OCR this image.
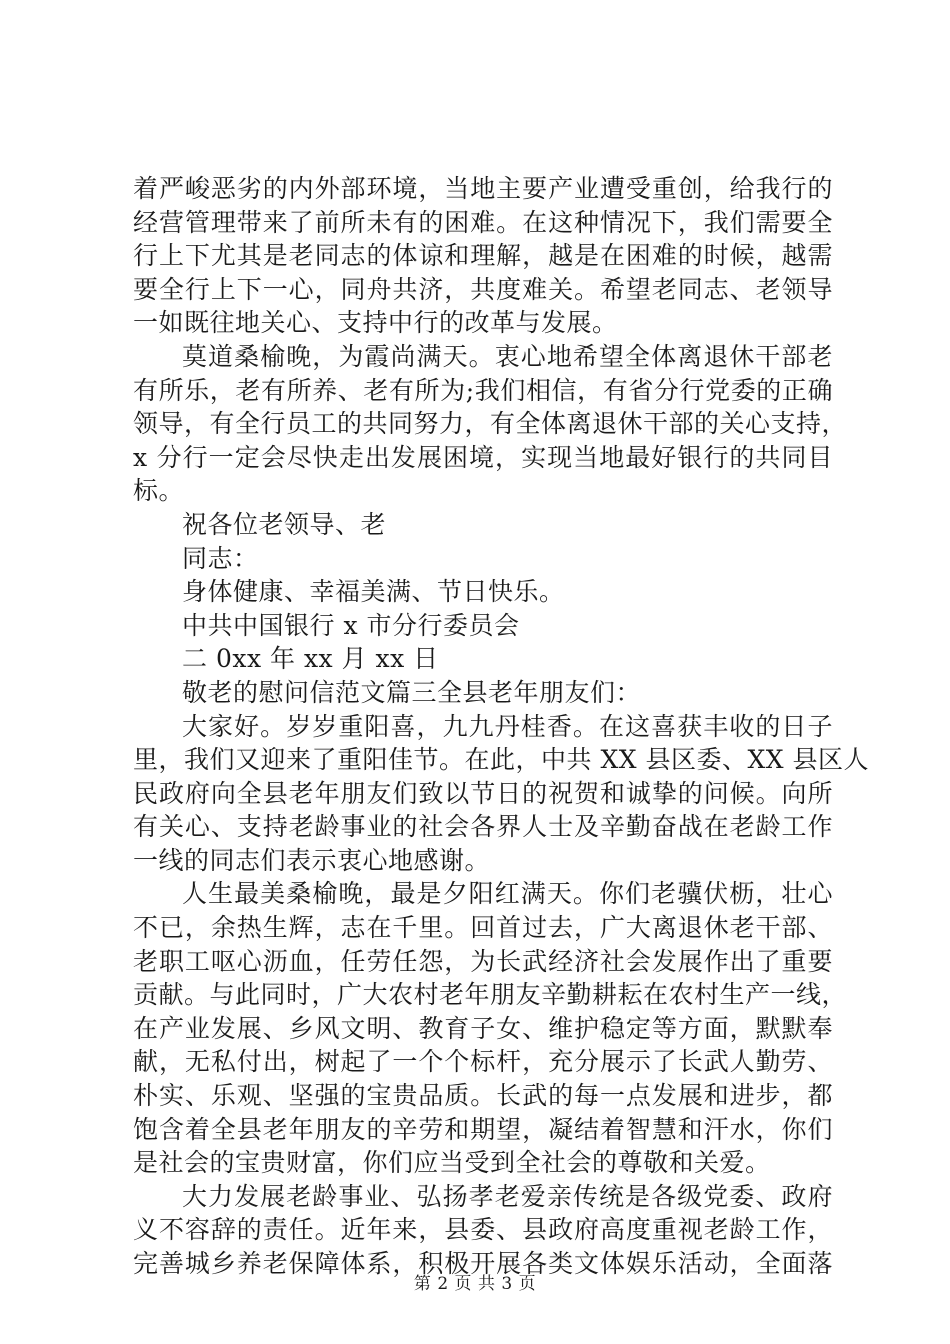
着严峻恶劣的内外部环境，当地主要产业遭受重创，给我行的
经营管理带来了前所未有的困难。在这种情况下，我们需要全
行上下尤其是老同志的体谅和理解，越是在困难的时候，越需
要全行上下一心，同舟共济，共度难关。希望老同志、老领导
一如既往地关心、支持中行的改革与发展。
莫道桑榆晚，为霞尚满天。衷心地希望全体离退休干部老
有所乐，老有所养、老有所为;我们相信，有省分行党委的正确
领导，有全行员工的共同努力，有全体离退休干部的关心支持，
x 分行一定会尽快走出发展困境，实现当地最好银行的共同目
标。
祝各位老领导、老
同志：
身体健康、幸福美满、节日快乐。
中共中国银行 x 市分行委员会
二 0xx 年 xx 月 xx 日
敬老的慰问信范文篇三全县老年朋友们：
大家好。岁岁重阳喜，九九丹桂香。在这喜获丰收的日子
里，我们又迎来了重阳佳节。在此，中共 XX 县区委、XX 县区人
民政府向全县老年朋友们致以节日的祝贺和诚挚的问候。向所
有关心、支持老龄事业的社会各界人士及辛勤奋战在老龄工作
一线的同志们表示衷心地感谢。
人生最美桑榆晚，最是夕阳红满天。你们老骥伏枥，壮心
不已，余热生辉，志在千里。回首过去，广大离退休老干部、
老职工呕心沥血，任劳任怨，为长武经济社会发展作出了重要
贡献。与此同时，广大农村老年朋友辛勤耕耘在农村生产一线，
在产业发展、乡风文明、教育子女、维护稳定等方面，默默奉
献，无私付出，树起了一个个标杆，充分展示了长武人勤劳、
朴实、乐观、坚强的宝贵品质。长武的每一点发展和进步，都
饱含着全县老年朋友的辛劳和期望，凝结着智慧和汗水，你们
是社会的宝贵财富，你们应当受到全社会的尊敬和关爱。
大力发展老龄事业、弘扬孝老爱亲传统是各级党委、政府
义不容辞的责任。近年来，县委、县政府高度重视老龄工作，
完善城乡养老保障体系，积极开展各类文体娱乐活动，全面落
第 2 页 共 3 页
